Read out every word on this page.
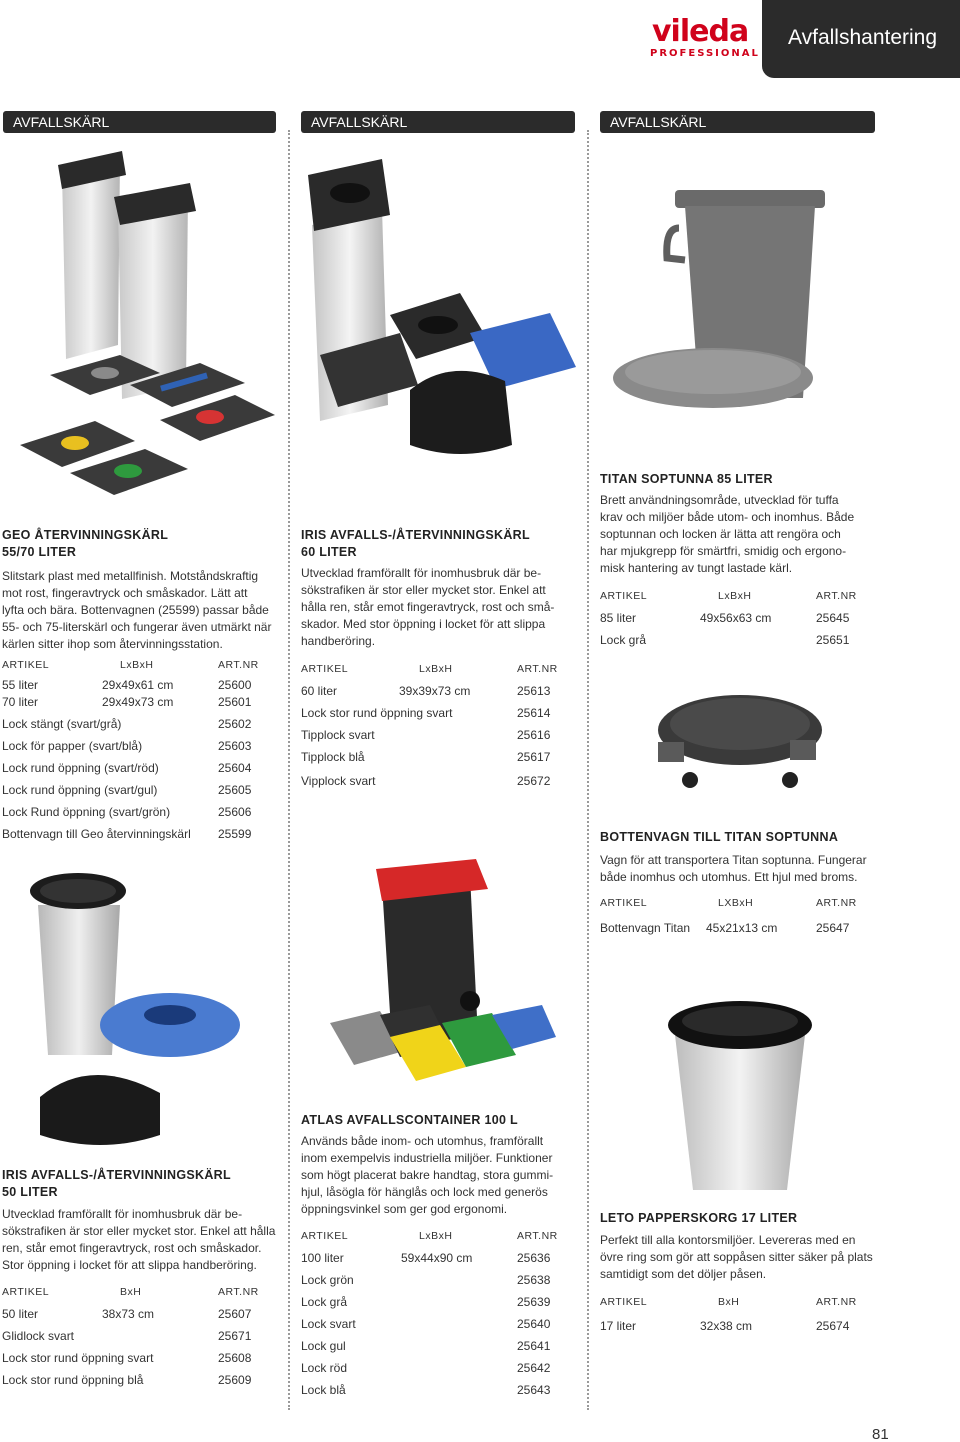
vileda
PROFESSIONAL
Avfallshantering
AVFALLSKÄRL	AVFALLSKÄRL	AVFALLSKÄRL
GEO ÅTERVINNINGSKÄRL
55/70 LITER
Slitstark plast med metallfinish. Motståndskraftig
mot rost, fingeravtryck och småskador. Lätt att
lyfta och bära. Bottenvagnen (25599) passar både
55- och 75-literskärl och fungerar även utmärkt när
kärlen sitter ihop som återvinningsstation.
ARTIKEL	LxBxH	ART.NR
55 liter	29x49x61 cm	25600
70 liter	29x49x73 cm	25601
Lock stängt (svart/grå)	25602
Lock för papper (svart/blå)	25603
Lock rund öppning (svart/röd)	25604
Lock rund öppning (svart/gul)	25605
Lock Rund öppning (svart/grön)	25606
Bottenvagn till Geo återvinningskärl 25599
IRIS AVFALLS-/ÅTERVINNINGSKÄRL
60 LITER
Utvecklad framförallt för inomhusbruk där be-
sökstrafiken är stor eller mycket stor. Enkel att
hålla ren, står emot fingeravtryck, rost och små-
skador. Med stor öppning i locket för att slippa
handberöring.
ARTIKEL	LxBxH	ART.NR
60 liter	39x39x73 cm	25613
Lock stor rund öppning svart	25614
Tipplock svart	25616
Tipplock blå	25617
Vipplock svart	25672
TITAN SOPTUNNA 85 LITER
Brett användningsområde, utvecklad för tuffa
krav och miljöer både utom- och inomhus. Både
soptunnan och locken är lätta att rengöra och
har mjukgrepp för smärtfri, smidig och ergono-
misk hantering av tungt lastade kärl.
ARTIKEL	LxBxH	ART.NR
85 liter	49x56x63 cm	25645
Lock grå	25651
BOTTENVAGN TILL TITAN SOPTUNNA
Vagn för att transportera Titan soptunna. Fungerar
både inomhus och utomhus. Ett hjul med broms.
ARTIKEL	LXBxH	ART.NR
Bottenvagn Titan 45x21x13 cm	25647
IRIS AVFALLS-/ÅTERVINNINGSKÄRL
50 LITER
Utvecklad framförallt för inomhusbruk där be-
sökstrafiken är stor eller mycket stor. Enkel att hålla
ren, står emot fingeravtryck, rost och småskador.
Stor öppning i locket för att slippa handberöring.
ARTIKEL	BxH	ART.NR
50 liter	38x73 cm	25607
Glidlock svart	25671
Lock stor rund öppning svart	25608
Lock stor rund öppning blå	25609
ATLAS AVFALLSCONTAINER 100 L
Används både inom- och utomhus, framförallt
inom exempelvis industriella miljöer. Funktioner
som högt placerat bakre handtag, stora gummi-
hjul, låsögla för hänglås och lock med generös
öppningsvinkel som ger god ergonomi.
ARTIKEL	LxBxH	ART.NR
100 liter	59x44x90 cm	25636
Lock grön	25638
Lock grå	25639
Lock svart	25640
Lock gul	25641
Lock röd	25642
Lock blå	25643
LETO PAPPERSKORG 17 LITER
Perfekt till alla kontorsmiljöer. Levereras med en
övre ring som gör att soppåsen sitter säker på plats
samtidigt som det döljer påsen.
ARTIKEL	BxH	ART.NR
17 liter	32x38 cm	25674
81
